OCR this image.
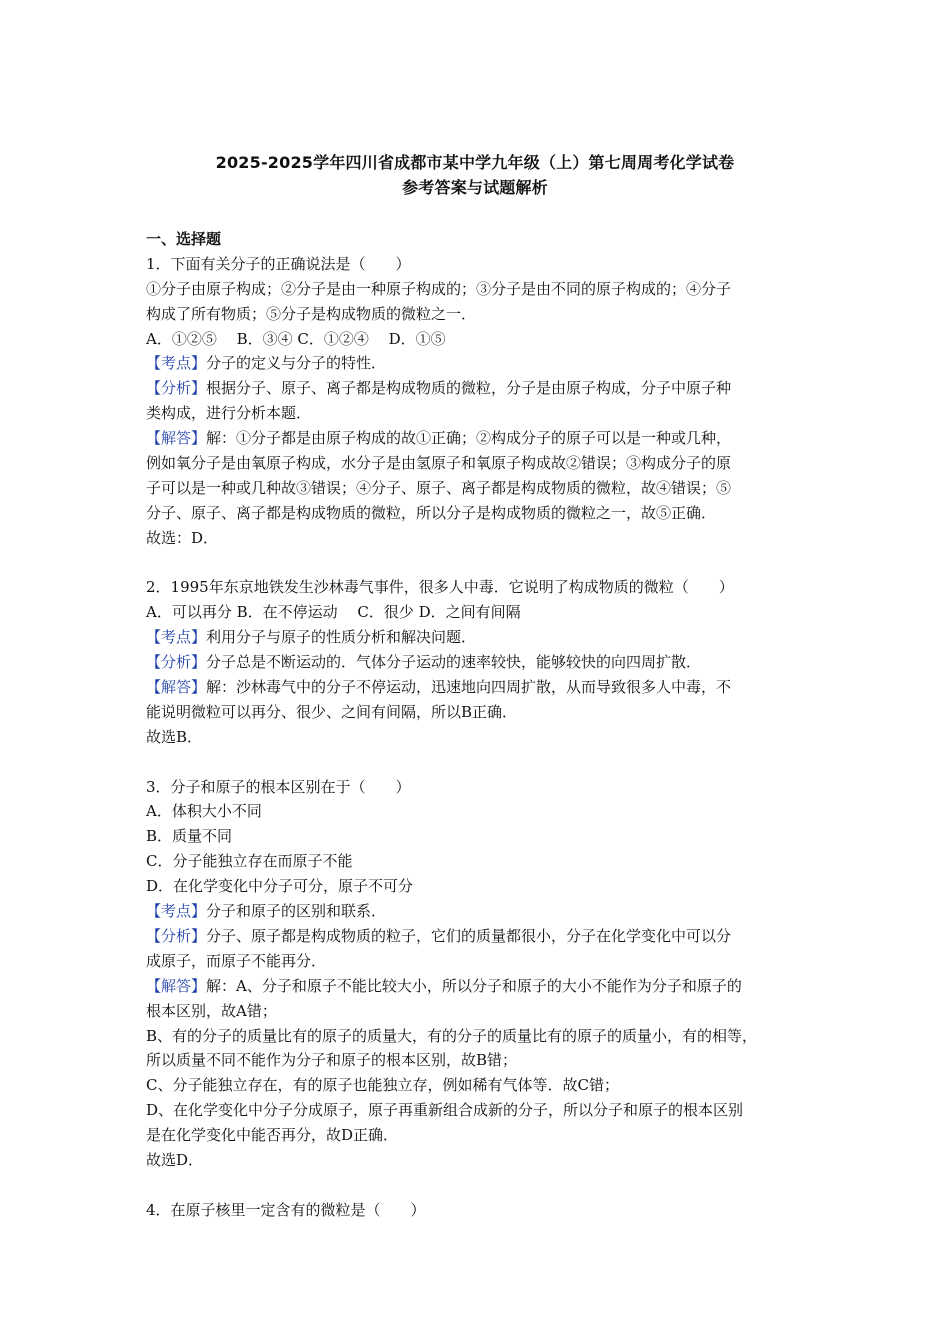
2025-2025学年四川省成都市某中学九年级（上）第七周周考化学试卷
参考答案与试题解析
一、选择题
1．下面有关分子的正确说法是（　　）
①分子由原子构成；②分子是由一种原子构成的；③分子是由不同的原子构成的；④分子
构成了所有物质；⑤分子是构成物质的微粒之一．
A．①②⑤　 B．③④ C．①②④　 D．①⑤
【考点】分子的定义与分子的特性．
【分析】根据分子、原子、离子都是构成物质的微粒，分子是由原子构成，分子中原子种
类构成，进行分析本题．
【解答】解：①分子都是由原子构成的故①正确；②构成分子的原子可以是一种或几种，
例如氧分子是由氧原子构成，水分子是由氢原子和氧原子构成故②错误；③构成分子的原
子可以是一种或几种故③错误；④分子、原子、离子都是构成物质的微粒，故④错误；⑤
分子、原子、离子都是构成物质的微粒，所以分子是构成物质的微粒之一，故⑤正确．
故选：D．
2．1995年东京地铁发生沙林毒气事件，很多人中毒．它说明了构成物质的微粒（　　）
A．可以再分 B．在不停运动　 C．很少 D．之间有间隔
【考点】利用分子与原子的性质分析和解决问题．
【分析】分子总是不断运动的．气体分子运动的速率较快，能够较快的向四周扩散．
【解答】解：沙林毒气中的分子不停运动，迅速地向四周扩散，从而导致很多人中毒，不
能说明微粒可以再分、很少、之间有间隔，所以B正确．
故选B．
3．分子和原子的根本区别在于（　　）
A．体积大小不同
B．质量不同
C．分子能独立存在而原子不能
D．在化学变化中分子可分，原子不可分
【考点】分子和原子的区别和联系．
【分析】分子、原子都是构成物质的粒子，它们的质量都很小，分子在化学变化中可以分
成原子，而原子不能再分．
【解答】解：A、分子和原子不能比较大小，所以分子和原子的大小不能作为分子和原子的
根本区别，故A错；
B、有的分子的质量比有的原子的质量大，有的分子的质量比有的原子的质量小，有的相等，
所以质量不同不能作为分子和原子的根本区别，故B错；
C、分子能独立存在，有的原子也能独立存，例如稀有气体等．故C错；
D、在化学变化中分子分成原子，原子再重新组合成新的分子，所以分子和原子的根本区别
是在化学变化中能否再分，故D正确．
故选D．
4．在原子核里一定含有的微粒是（　　）
